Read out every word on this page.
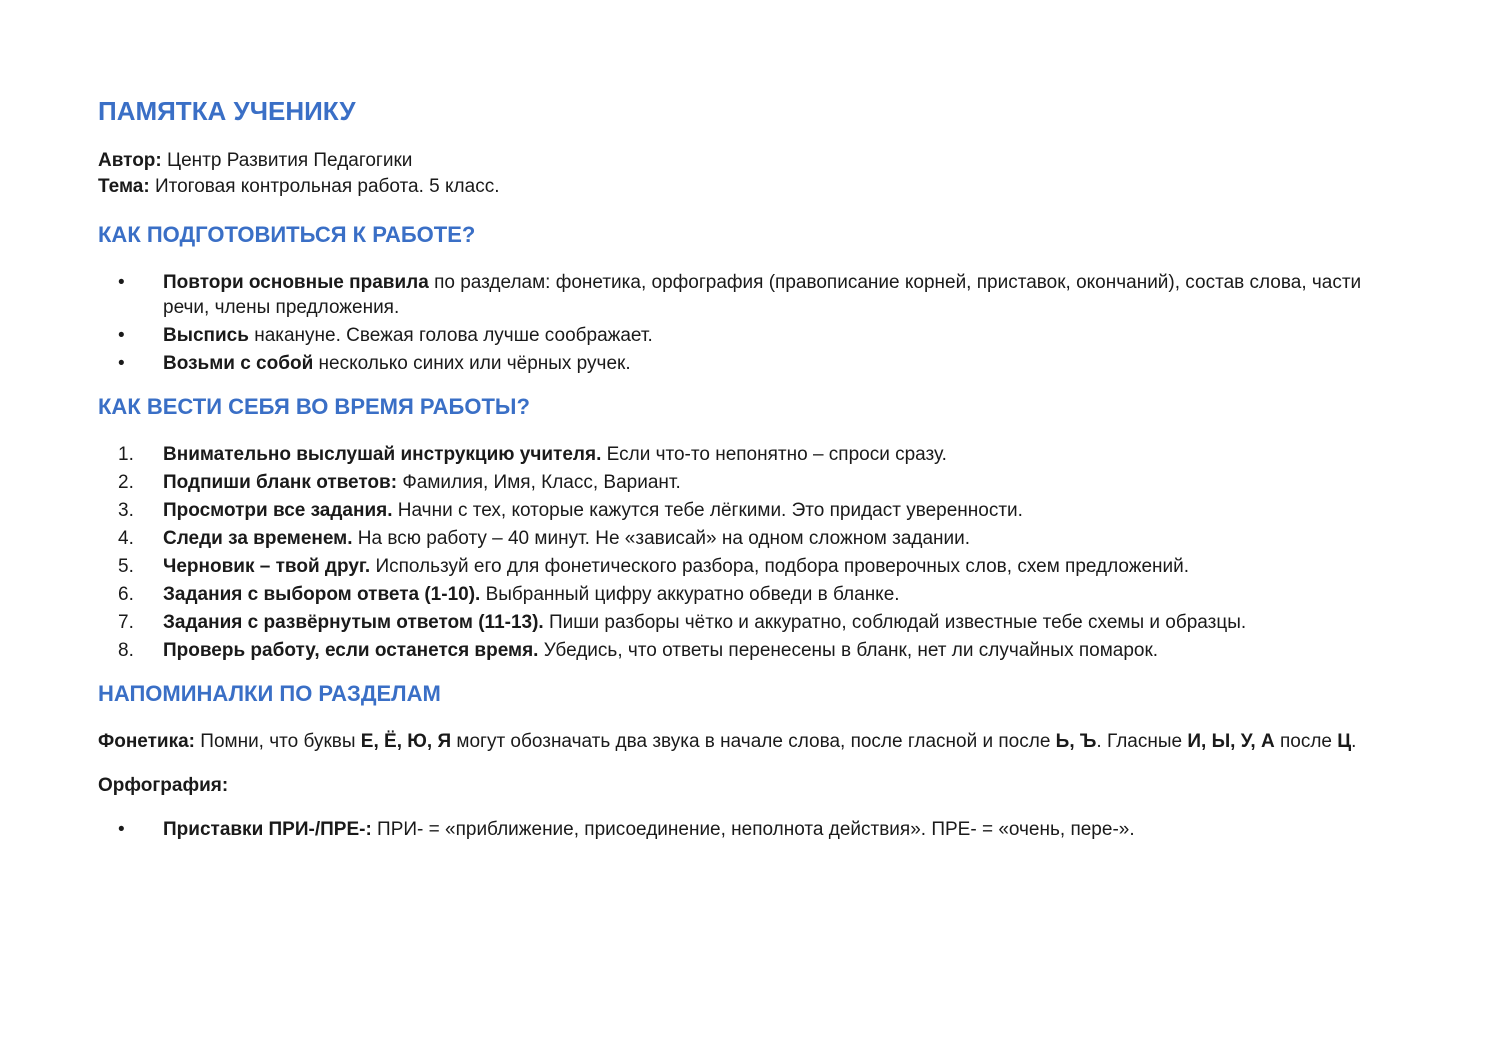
ПАМЯТКА УЧЕНИКУ
Автор: Центр Развития Педагогики
Тема: Итоговая контрольная работа. 5 класс.
КАК ПОДГОТОВИТЬСЯ К РАБОТЕ?
•	Повтори основные правила по разделам: фонетика, орфография (правописание корней, приставок, окончаний), состав слова, части речи, члены предложения.
•	Выспись накануне. Свежая голова лучше соображает.
•	Возьми с собой несколько синих или чёрных ручек.
КАК ВЕСТИ СЕБЯ ВО ВРЕМЯ РАБОТЫ?
1.	Внимательно выслушай инструкцию учителя. Если что-то непонятно – спроси сразу.
2.	Подпиши бланк ответов: Фамилия, Имя, Класс, Вариант.
3.	Просмотри все задания. Начни с тех, которые кажутся тебе лёгкими. Это придаст уверенности.
4.	Следи за временем. На всю работу – 40 минут. Не «зависай» на одном сложном задании.
5.	Черновик – твой друг. Используй его для фонетического разбора, подбора проверочных слов, схем предложений.
6.	Задания с выбором ответа (1-10). Выбранный цифру аккуратно обведи в бланке.
7.	Задания с развёрнутым ответом (11-13). Пиши разборы чётко и аккуратно, соблюдай известные тебе схемы и образцы.
8.	Проверь работу, если останется время. Убедись, что ответы перенесены в бланк, нет ли случайных помарок.
НАПОМИНАЛКИ ПО РАЗДЕЛАМ
Фонетика: Помни, что буквы Е, Ё, Ю, Я могут обозначать два звука в начале слова, после гласной и после Ь, Ъ. Гласные И, Ы, У, А после Ц.
Орфография:
•	Приставки ПРИ-/ПРЕ-: ПРИ- = «приближение, присоединение, неполнота действия». ПРЕ- = «очень, пере-».
